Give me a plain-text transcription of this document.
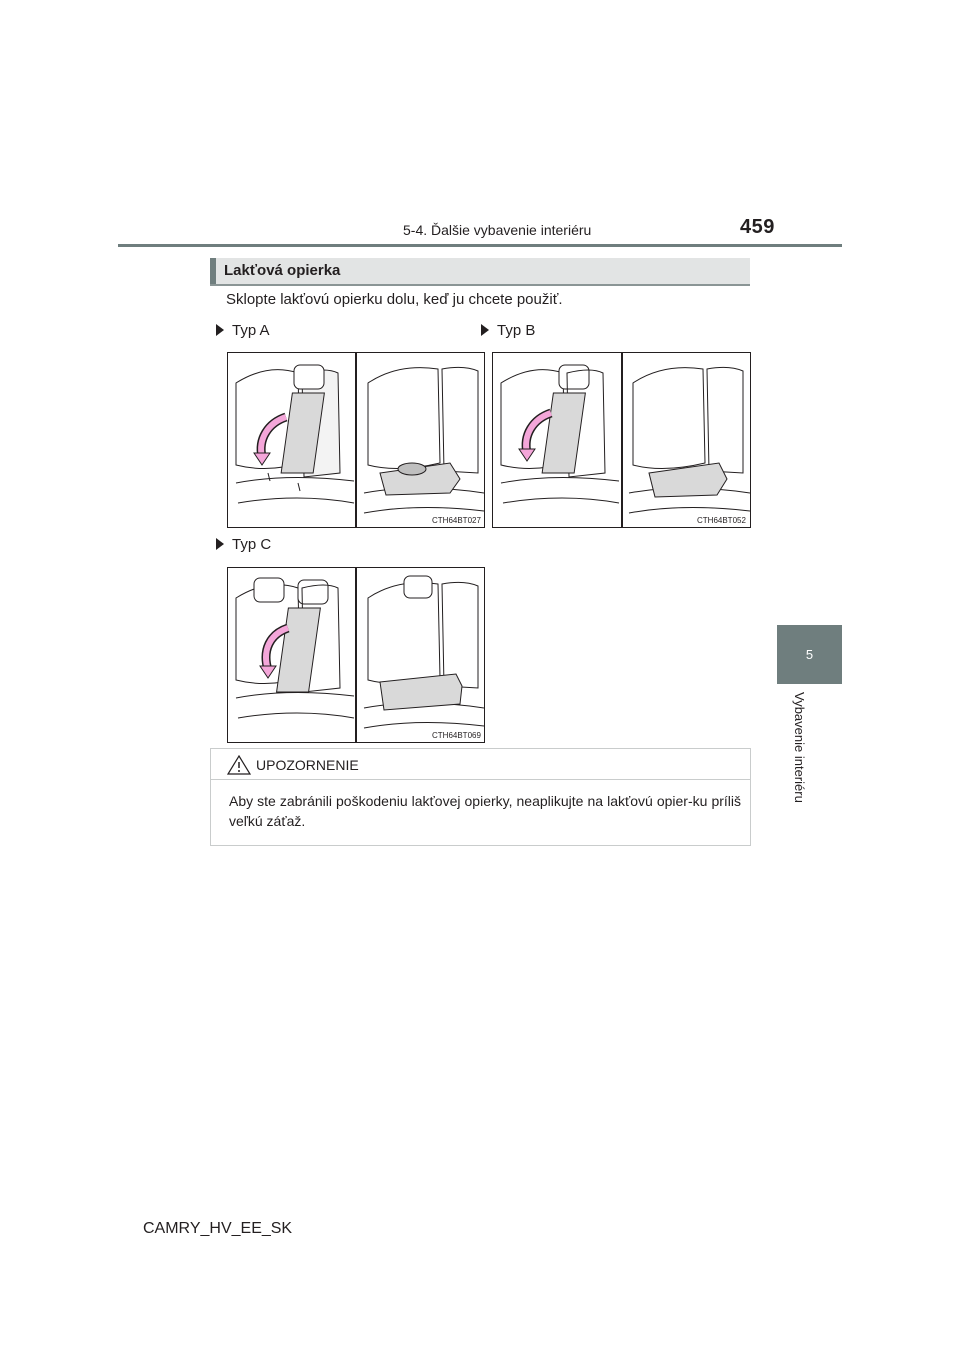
5-4. Ďalšie vybavenie interiéru	459
5
Vybavenie interiéru
Lakťová opierka
Sklopte lakťovú opierku dolu, keď ju chcete použiť.
Typ A	Typ B
Typ C
CTH64BT027	CTH64BT052
CTH64BT069
UPOZORNENIE
Aby ste zabránili poškodeniu lakťovej opierky, neaplikujte na lakťovú opier-ku príliš veľkú záťaž.
CAMRY_HV_EE_SK
